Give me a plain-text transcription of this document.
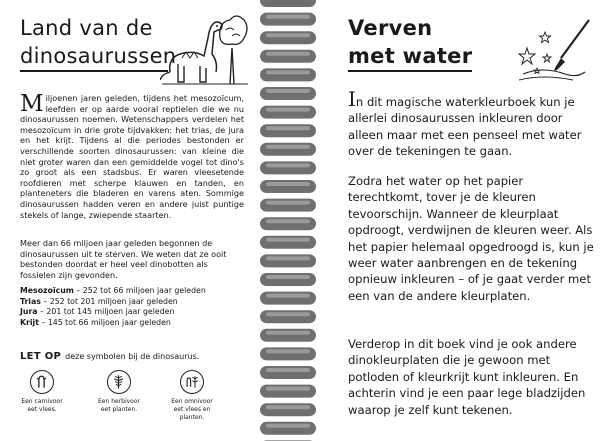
Land van de
dinosaurussen

Miljoenen jaren geleden, tijdens het mesozoïcum, leefden er op aarde vooral reptielen die we nu dinosaurussen noemen. Wetenschappers verdelen het mesozoïcum in drie grote tijdvakken: het trias, de jura en het krijt. Tijdens al die periodes bestonden er verschillende soorten dinosaurussen: van kleine die niet groter waren dan een gemiddelde vogel tot dino's zo groot als een stadsbus. Er waren vleesetende roofdieren met scherpe klauwen en tanden, en planteneters die bladeren en varens aten. Sommige dinosaurussen hadden veren en andere juist puntige stekels of lange, zwiepende staarten.

Meer dan 66 miljoen jaar geleden begonnen de dinosaurussen uit te sterven. We weten dat ze ooit bestonden doordat er heel veel dinobotten als fossielen zijn gevonden.

Mesozoïcum – 252 tot 66 miljoen jaar geleden
Trias – 252 tot 201 miljoen jaar geleden
Jura – 201 tot 145 miljoen jaar geleden
Krijt – 145 tot 66 miljoen jaar geleden
LET OP deze symbolen bij de dinosaurus.
Een carnivoor
eet vlees.
Een herbivoor
eet planten.
Een omnivoor
eet vlees en planten.
Verven
met water

In dit magische waterkleurboek kun je allerlei dinosaurussen inkleuren door alleen maar met een penseel met water over de tekeningen te gaan.

Zodra het water op het papier terechtkomt, tover je de kleuren tevoorschijn. Wanneer de kleurplaat opdroogt, verdwijnen de kleuren weer. Als het papier helemaal opgedroogd is, kun je weer water aanbrengen en de tekening opnieuw inkleuren – of je gaat verder met een van de andere kleurplaten.

Verderop in dit boek vind je ook andere dinokleurplaten die je gewoon met potloden of kleurkrijt kunt inkleuren. En achterin vind je een paar lege bladzijden waarop je zelf kunt tekenen.
